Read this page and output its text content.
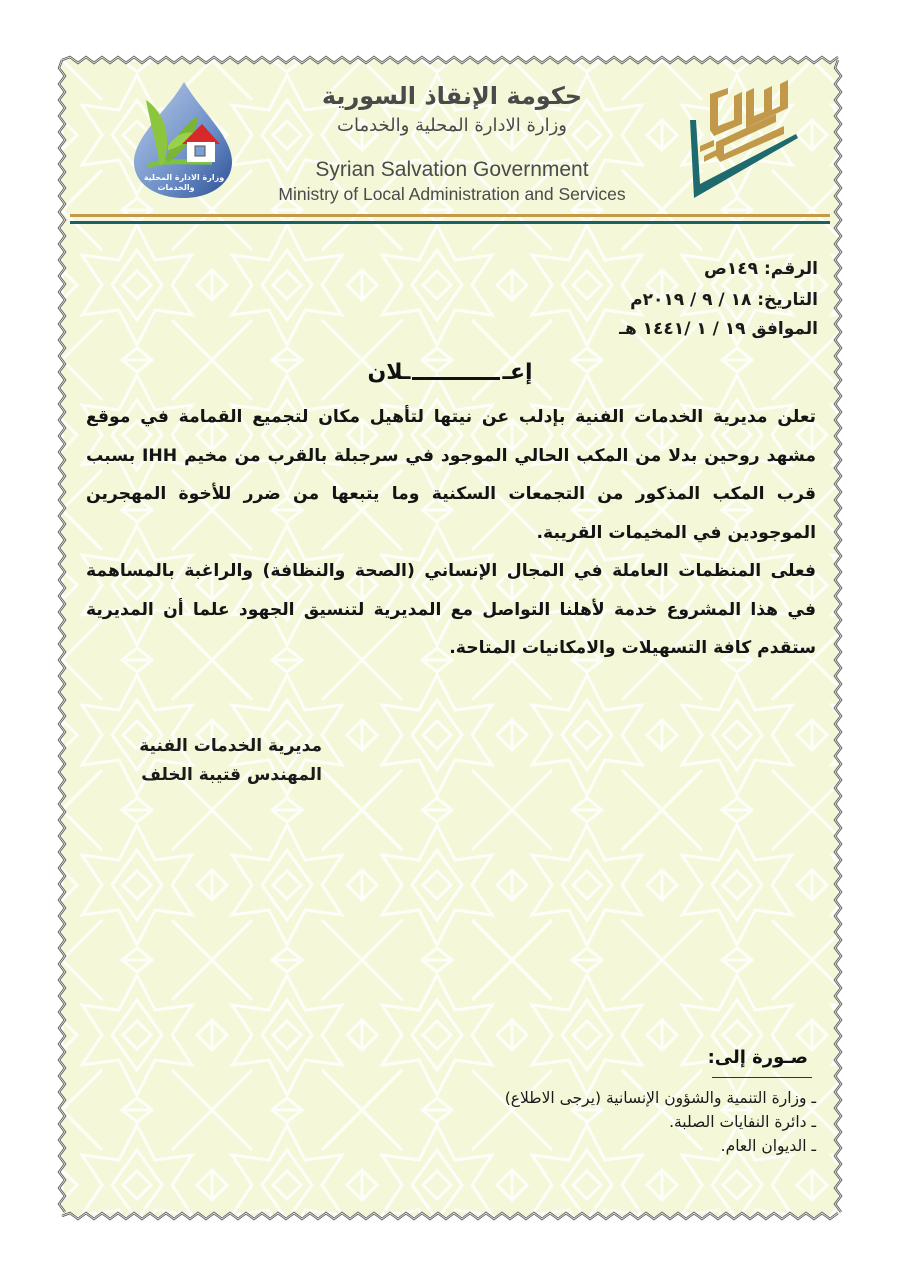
وزارة الادارة المحلية
والخدمات
حكومة الإنقاذ السورية
وزارة الادارة المحلية والخدمات
Syrian Salvation Government
Ministry of Local Administration and Services
الرقم: ١٤٩ص
التاريخ: ١٨ / ٩ / ٢٠١٩م
الموافق ١٩ / ١ /١٤٤١ هـ
إعــلان
تعلن مديرية الخدمات الفنية بإدلب عن نيتها لتأهيل مكان لتجميع القمامة في موقع مشهد روحين بدلا من المكب الحالي الموجود في سرجبلة بالقرب من مخيم IHH بسبب قرب المكب المذكور من التجمعات السكنية وما يتبعها من ضرر للأخوة المهجرين الموجودين في المخيمات القريبة.
فعلى المنظمات العاملة في المجال الإنساني (الصحة والنظافة) والراغبة بالمساهمة في هذا المشروع خدمة لأهلنا التواصل مع المديرية لتنسيق الجهود علما أن المديرية ستقدم كافة التسهيلات والامكانيات المتاحة.
مديرية الخدمات الفنية
المهندس قتيبة الخلف
صـورة إلى:
ـ وزارة التنمية والشؤون الإنسانية (يرجى الاطلاع)
ـ دائرة النفايات الصلبة.
ـ الديوان العام.
